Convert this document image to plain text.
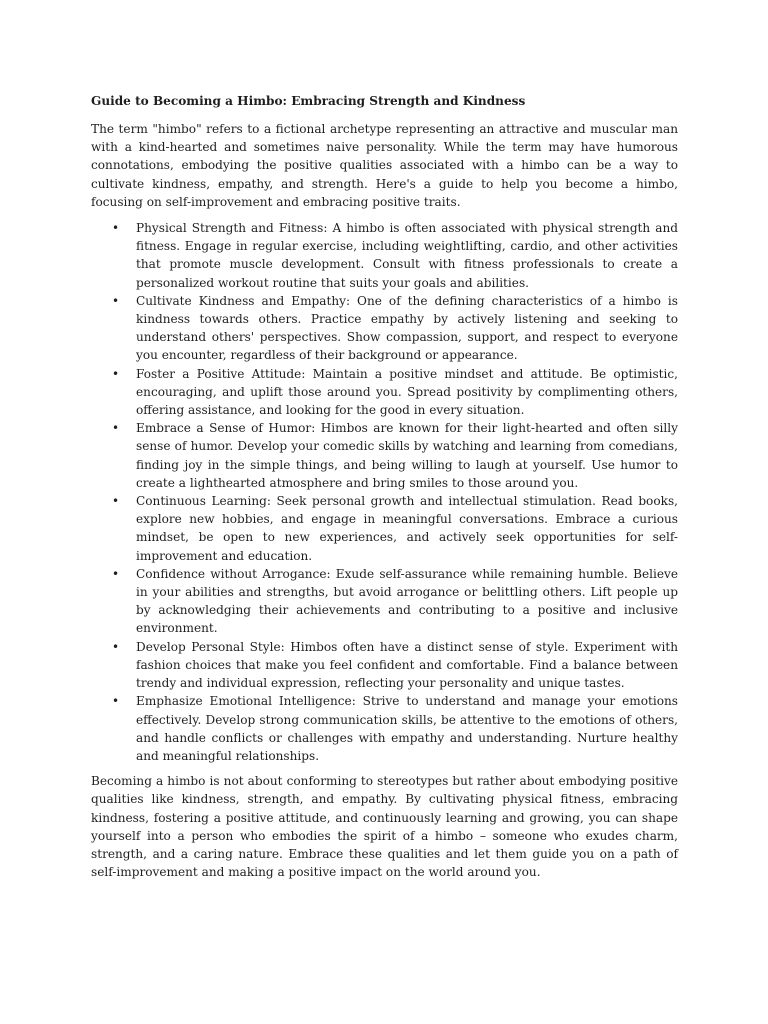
Guide to Becoming a Himbo: Embracing Strength and Kindness

The term "himbo" refers to a fictional archetype representing an attractive and muscular man with a kind-hearted and sometimes naive personality. While the term may have humorous connotations, embodying the positive qualities associated with a himbo can be a way to cultivate kindness, empathy, and strength. Here's a guide to help you become a himbo, focusing on self-improvement and embracing positive traits.

• Physical Strength and Fitness: A himbo is often associated with physical strength and fitness. Engage in regular exercise, including weightlifting, cardio, and other activities that promote muscle development. Consult with fitness professionals to create a personalized workout routine that suits your goals and abilities.
• Cultivate Kindness and Empathy: One of the defining characteristics of a himbo is kindness towards others. Practice empathy by actively listening and seeking to understand others' perspectives. Show compassion, support, and respect to everyone you encounter, regardless of their background or appearance.
• Foster a Positive Attitude: Maintain a positive mindset and attitude. Be optimistic, encouraging, and uplift those around you. Spread positivity by complimenting others, offering assistance, and looking for the good in every situation.
• Embrace a Sense of Humor: Himbos are known for their light-hearted and often silly sense of humor. Develop your comedic skills by watching and learning from comedians, finding joy in the simple things, and being willing to laugh at yourself. Use humor to create a lighthearted atmosphere and bring smiles to those around you.
• Continuous Learning: Seek personal growth and intellectual stimulation. Read books, explore new hobbies, and engage in meaningful conversations. Embrace a curious mindset, be open to new experiences, and actively seek opportunities for self-improvement and education.
• Confidence without Arrogance: Exude self-assurance while remaining humble. Believe in your abilities and strengths, but avoid arrogance or belittling others. Lift people up by acknowledging their achievements and contributing to a positive and inclusive environment.
• Develop Personal Style: Himbos often have a distinct sense of style. Experiment with fashion choices that make you feel confident and comfortable. Find a balance between trendy and individual expression, reflecting your personality and unique tastes.
• Emphasize Emotional Intelligence: Strive to understand and manage your emotions effectively. Develop strong communication skills, be attentive to the emotions of others, and handle conflicts or challenges with empathy and understanding. Nurture healthy and meaningful relationships.

Becoming a himbo is not about conforming to stereotypes but rather about embodying positive qualities like kindness, strength, and empathy. By cultivating physical fitness, embracing kindness, fostering a positive attitude, and continuously learning and growing, you can shape yourself into a person who embodies the spirit of a himbo – someone who exudes charm, strength, and a caring nature. Embrace these qualities and let them guide you on a path of self-improvement and making a positive impact on the world around you.
